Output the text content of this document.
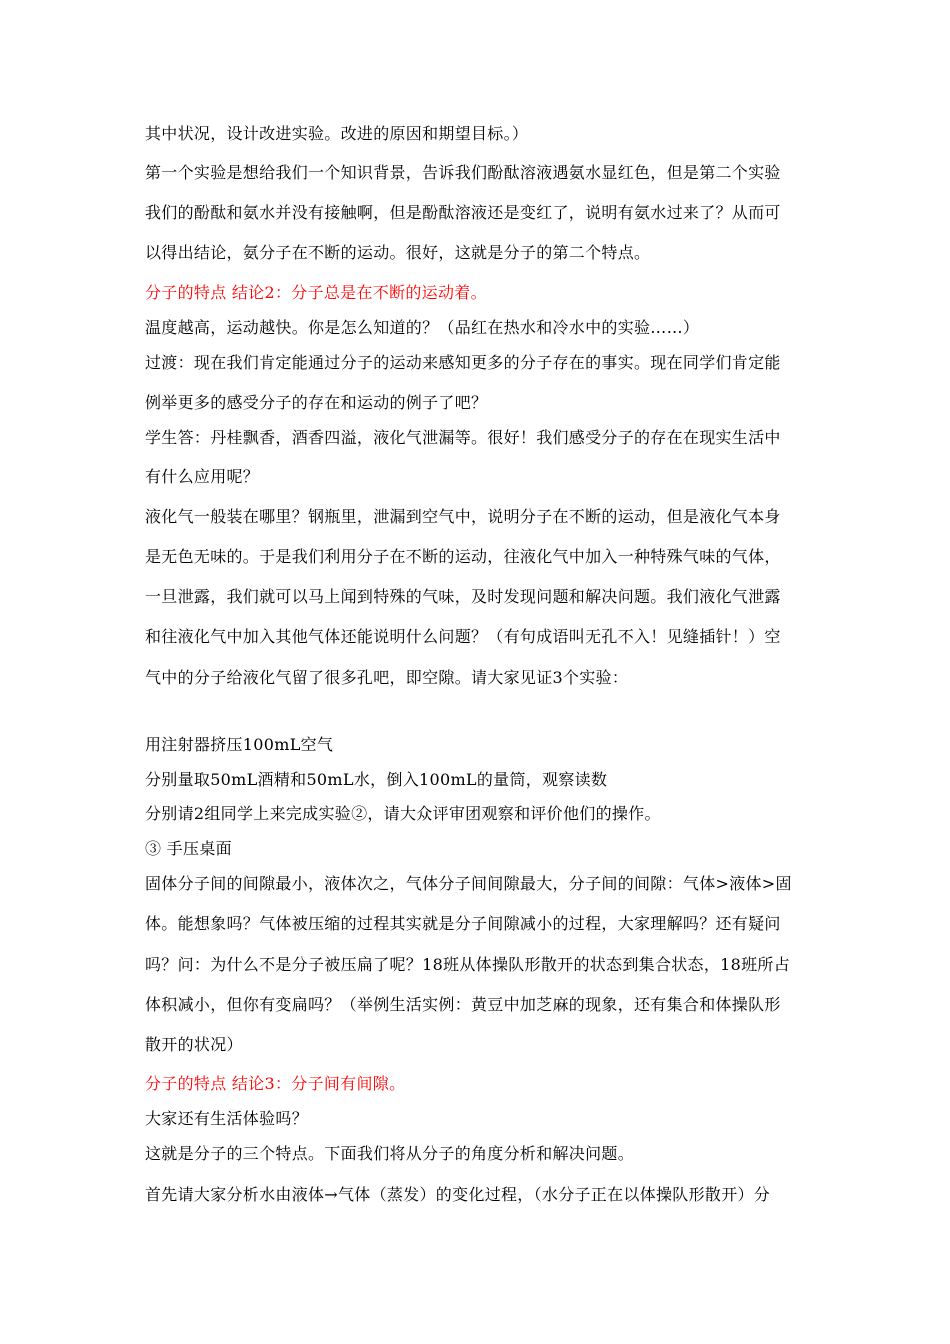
其中状况，设计改进实验。改进的原因和期望目标。）
第一个实验是想给我们一个知识背景，告诉我们酚酞溶液遇氨水显红色，但是第二个实验
我们的酚酞和氨水并没有接触啊，但是酚酞溶液还是变红了，说明有氨水过来了？从而可
以得出结论，氨分子在不断的运动。很好，这就是分子的第二个特点。
分子的特点 结论2：分子总是在不断的运动着。
温度越高，运动越快。你是怎么知道的？（品红在热水和冷水中的实验……）
过渡：现在我们肯定能通过分子的运动来感知更多的分子存在的事实。现在同学们肯定能
例举更多的感受分子的存在和运动的例子了吧？
学生答：丹桂飘香，酒香四溢，液化气泄漏等。很好！我们感受分子的存在在现实生活中
有什么应用呢？
液化气一般装在哪里？钢瓶里，泄漏到空气中，说明分子在不断的运动，但是液化气本身
是无色无味的。于是我们利用分子在不断的运动，往液化气中加入一种特殊气味的气体，
一旦泄露，我们就可以马上闻到特殊的气味，及时发现问题和解决问题。我们液化气泄露
和往液化气中加入其他气体还能说明什么问题？（有句成语叫无孔不入！见缝插针！）空
气中的分子给液化气留了很多孔吧，即空隙。请大家见证3个实验：
用注射器挤压100mL空气
分别量取50mL酒精和50mL水，倒入100mL的量筒，观察读数
分别请2组同学上来完成实验②，请大众评审团观察和评价他们的操作。
③ 手压桌面
固体分子间的间隙最小，液体次之，气体分子间间隙最大，分子间的间隙：气体>液体>固
体。能想象吗？气体被压缩的过程其实就是分子间隙减小的过程，大家理解吗？还有疑问
吗？问：为什么不是分子被压扁了呢？18班从体操队形散开的状态到集合状态，18班所占
体积减小，但你有变扁吗？（举例生活实例：黄豆中加芝麻的现象，还有集合和体操队形
散开的状况）
分子的特点 结论3：分子间有间隙。
大家还有生活体验吗？
这就是分子的三个特点。下面我们将从分子的角度分析和解决问题。
首先请大家分析水由液体→气体（蒸发）的变化过程，（水分子正在以体操队形散开）分
